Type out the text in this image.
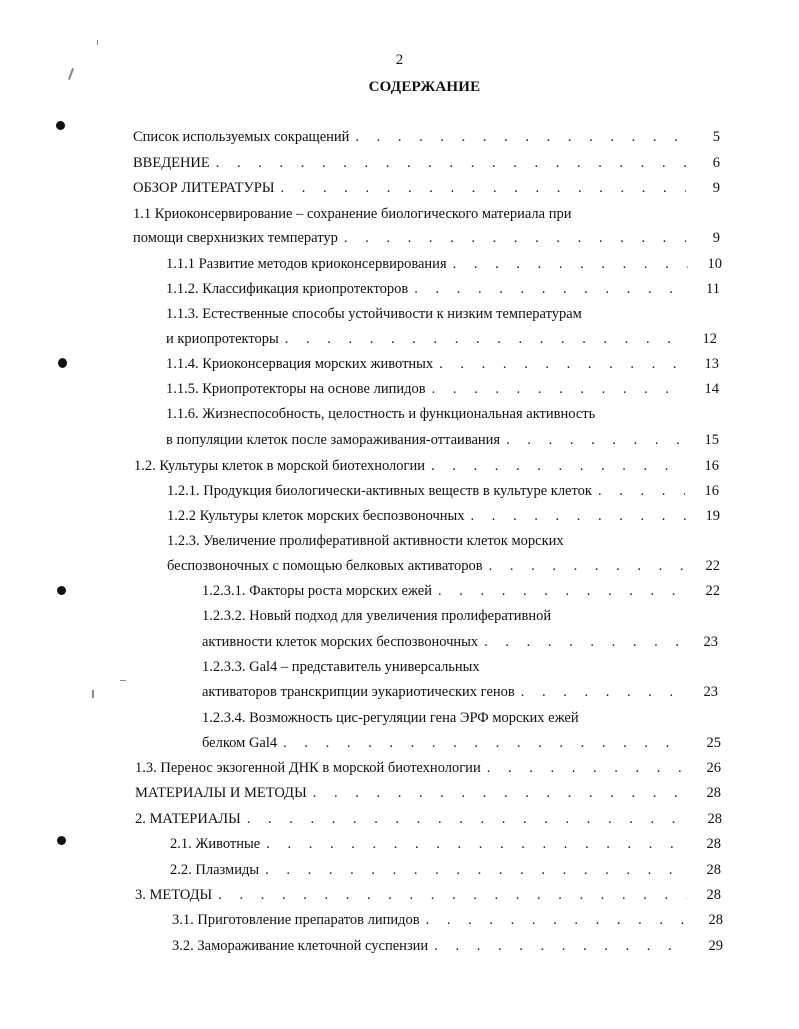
2
СОДЕРЖАНИЕ
Список используемых сокращений . . .	5
ВВЕДЕНИЕ . . .	6
ОБЗОР ЛИТЕРАТУРЫ . . .	9
1.1 Криоконсервирование – сохранение биологического материала при
помощи сверхнизких температур . . .	9
1.1.1 Развитие методов криоконсервирования . . .	10
1.1.2. Классификация криопротекторов . . .	11
1.1.3. Естественные способы устойчивости к низким температурам
и криопротекторы . . .	12
1.1.4. Криоконсервация морских животных . . .	13
1.1.5. Криопротекторы на основе липидов . . .	14
1.1.6. Жизнеспособность, целостность и функциональная активность
в популяции клеток после замораживания-оттаивания . . .	15
1.2. Культуры клеток в морской биотехнологии . . .	16
1.2.1. Продукция биологически-активных веществ в культуре клеток . . .	16
1.2.2 Культуры клеток морских беспозвоночных . . .	19
1.2.3. Увеличение пролиферативной активности клеток морских
беспозвоночных с помощью белковых активаторов . . .	22
1.2.3.1. Факторы роста морских ежей . . .	22
1.2.3.2. Новый подход для увеличения пролиферативной
активности клеток морских беспозвоночных . . .	23
1.2.3.3. Gal4 – представитель универсальных
активаторов транскрипции эукариотических генов . . .	23
1.2.3.4. Возможность цис-регуляции гена ЭРФ морских ежей
белком Gal4 . . .	25
1.3. Перенос экзогенной ДНК в морской биотехнологии . . .	26
МАТЕРИАЛЫ И МЕТОДЫ . . .	28
2. МАТЕРИАЛЫ . . .	28
2.1. Животные . . .	28
2.2. Плазмиды . . .	28
3. МЕТОДЫ . . .	28
3.1. Приготовление препаратов липидов . . .	28
3.2. Замораживание клеточной суспензии . . .	29
